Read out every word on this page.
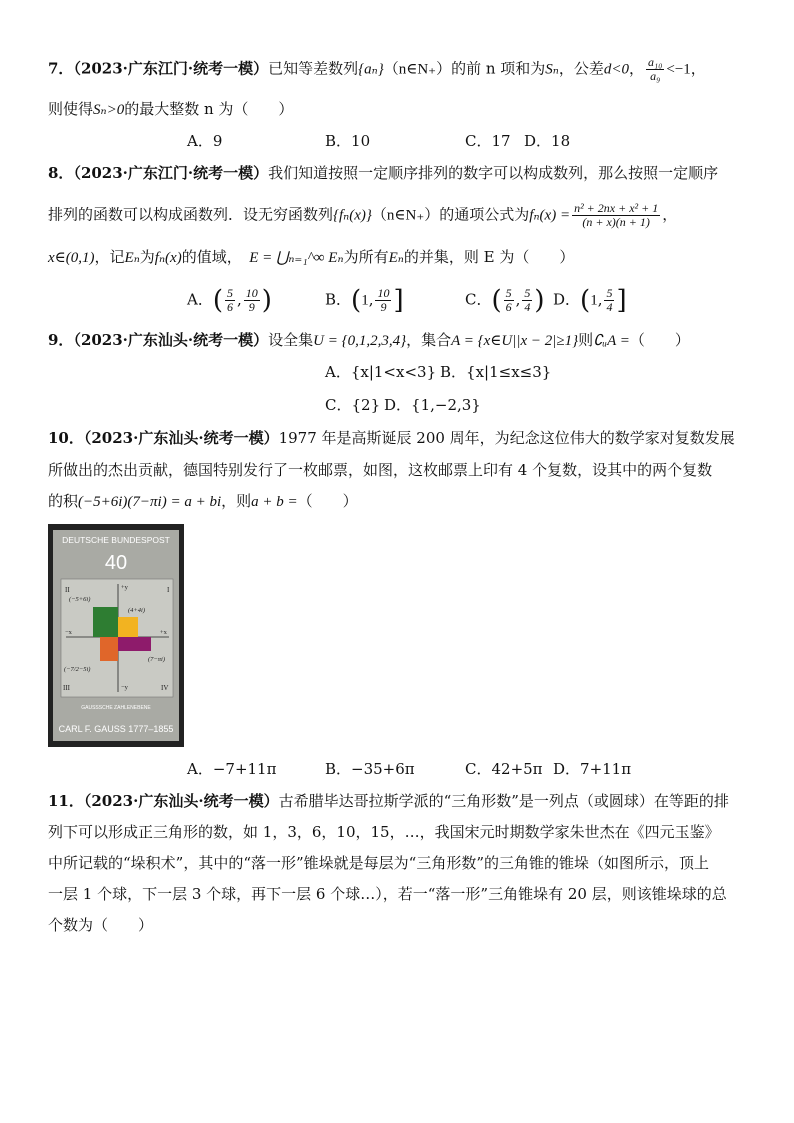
7．（2023·广东江门·统考一模）已知等差数列{aₙ}（n∈N₊）的前 n 项和为Sₙ，公差d<0， $\frac{\text{a₁₀}}{\text{a₉}} <-1$，
则使得Sₙ>0的最大整数 n 为（　　）
A．9	B．10	C．17 D．18
8．（2023·广东江门·统考一模）我们知道按照一定顺序排列的数字可以构成数列，那么按照一定顺序
排列的函数可以构成函数列．设无穷函数列{fₙ(x)}（n∈N₊）的通项公式为$f_n(x) = \frac{\text{n² + 2nx + x² + 1}}{(n + x)(n + 1)}$ ，
x∈(0,1)，记Eₙ为fₙ(x)的值域，　 E = ⋃ₙ₌₁^∞ Eₙ为所有Eₙ的并集，则 E 为（　　）
A．( $\frac{5}{6}$ , $\frac{10}{9}$ )	B．(1, $\frac{10}{9}$ ]	C．( $\frac{5}{6}$ , $\frac{5}{4}$ ) D．(1, $\frac{5}{4}$ ]
9．（2023·广东汕头·统考一模）设全集U = {0,1,2,3,4}，集合A = {x∈U||x − 2|≥1}则∁ᵤA =（　　）
A．{x|1<x<3} B．{x|1≤x≤3}
C．{2} D．{1,−2,3}
10．（2023·广东汕头·统考一模）1977 年是高斯诞辰 200 周年，为纪念这位伟大的数学家对复数发展
所做出的杰出贡献，德国特别发行了一枚邮票，如图，这枚邮票上印有 4 个复数，设其中的两个复数
的积(−5+6i)(7−πi) = a + bi，则a + b =（　　）
DEUTSCHE BUNDESPOST
40
II	I
III	IV
+y
−y
+x
−x
(−5+6i)
(4+4i)
(7−πi)
(−7/2−5i)
GAUSSSCHE ZAHLENEBENE
CARL F. GAUSS 1777–1855
A．−7+11π	B．−35+6π	C．42+5π D．7+11π
11．（2023·广东汕头·统考一模）古希腊毕达哥拉斯学派的“三角形数”是一列点（或圆球）在等距的排
列下可以形成正三角形的数，如 1，3，6，10，15，…，我国宋元时期数学家朱世杰在《四元玉鉴》
中所记载的“垛积术”，其中的“落一形”锥垛就是每层为“三角形数”的三角锥的锥垛（如图所示，顶上
一层 1 个球，下一层 3 个球，再下一层 6 个球…），若一“落一形”三角锥垛有 20 层，则该锥垛球的总
个数为（　　）
